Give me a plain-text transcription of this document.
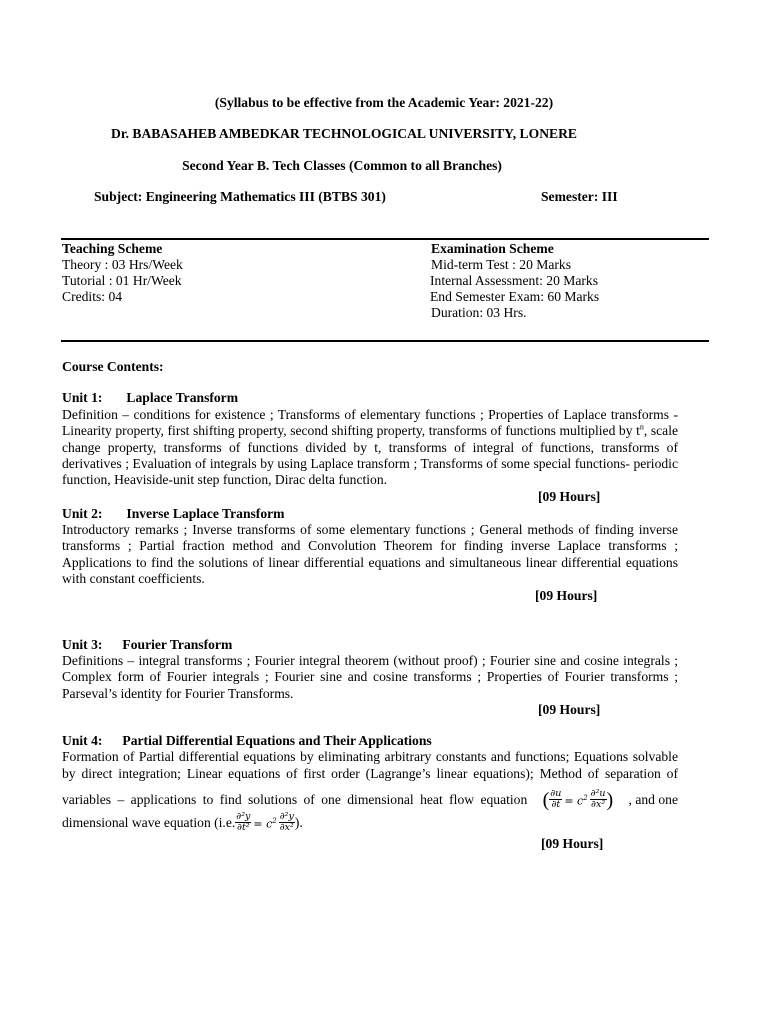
(Syllabus to be effective from the Academic Year: 2021-22)
Dr. BABASAHEB AMBEDKAR TECHNOLOGICAL UNIVERSITY, LONERE
Second Year B. Tech Classes (Common to all Branches)
Subject: Engineering Mathematics III (BTBS 301)	Semester: III
Teaching Scheme
Theory : 03 Hrs/Week
Tutorial : 01 Hr/Week
Credits: 04
Examination Scheme
Mid-term Test : 20 Marks
Internal Assessment: 20 Marks
End Semester Exam: 60 Marks
Duration: 03 Hrs.
Course Contents:
Unit 1: Laplace Transform
Definition – conditions for existence ; Transforms of elementary functions ; Properties of Laplace transforms -
Linearity property, first shifting property, second shifting property, transforms of functions multiplied by $t^n$, scale
change property, transforms of functions divided by t, transforms of integral of functions, transforms of
derivatives ; Evaluation of integrals by using Laplace transform ; Transforms of some special functions- periodic
function, Heaviside-unit step function, Dirac delta function.
[09 Hours]
Unit 2: Inverse Laplace Transform
Introductory remarks ; Inverse transforms of some elementary functions ; General methods of finding inverse
transforms ; Partial fraction method and Convolution Theorem for finding inverse Laplace transforms ;
Applications to find the solutions of linear differential equations and simultaneous linear differential equations
with constant coefficients.
[09 Hours]
Unit 3: Fourier Transform
Definitions – integral transforms ; Fourier integral theorem (without proof) ; Fourier sine and cosine integrals ;
Complex form of Fourier integrals ; Fourier sine and cosine transforms ; Properties of Fourier transforms ;
Parseval’s identity for Fourier Transforms.
[09 Hours]
Unit 4: Partial Differential Equations and Their Applications
Formation of Partial differential equations by eliminating arbitrary constants and functions; Equations solvable
by direct integration; Linear equations of first order (Lagrange’s linear equations); Method of separation of
variables – applications to find solutions of one dimensional heat flow equation ( $\frac{\partial u}{\partial t} = c^2 \frac{\text{∂²u}}{\text{∂x²}}$ ) , and one
dimensional wave equation (i.e. $\frac{\text{∂²y}}{\text{∂t²}} = c^2 \frac{\text{∂²y}}{\text{∂x²}}$ ).
[09 Hours]
